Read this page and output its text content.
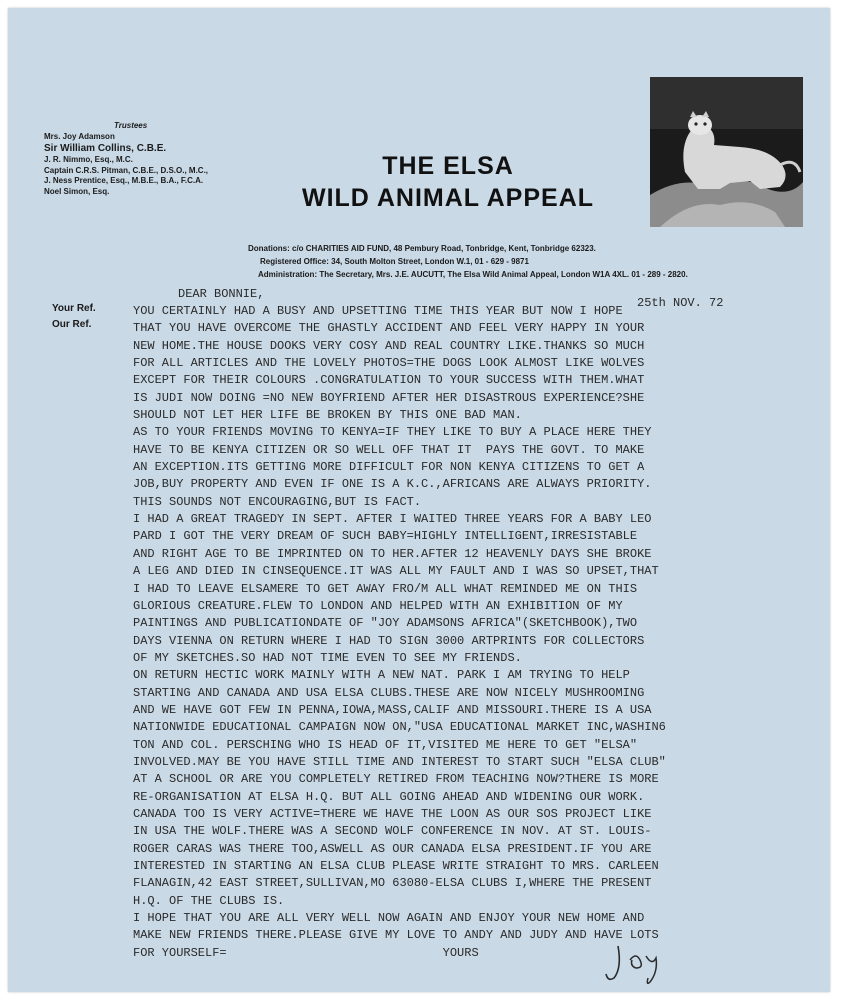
Trustees
Mrs. Joy Adamson
Sir William Collins, C.B.E.
J. R. Nimmo, Esq., M.C.
Captain C.R.S. Pitman, C.B.E., D.S.O., M.C.,
J. Ness Prentice, Esq., M.B.E., B.A., F.C.A.
Noel Simon, Esq.
THE ELSA
WILD ANIMAL APPEAL
Donations: c/o CHARITIES AID FUND, 48 Pembury Road, Tonbridge, Kent, Tonbridge 62323.
Registered Office: 34, South Molton Street, London W.1, 01 - 629 - 9871
Administration: The Secretary, Mrs. J.E. AUCUTT, The Elsa Wild Animal Appeal, London W1A 4XL. 01 - 289 - 2820.
Your Ref.
Our Ref.
DEAR BONNIE,
25th NOV. 72
YOU CERTAINLY HAD A BUSY AND UPSETTING TIME THIS YEAR BUT NOW I HOPE
THAT YOU HAVE OVERCOME THE GHASTLY ACCIDENT AND FEEL VERY HAPPY IN YOUR
NEW HOME.THE HOUSE DOOKS VERY COSY AND REAL COUNTRY LIKE.THANKS SO MUCH
FOR ALL ARTICLES AND THE LOVELY PHOTOS=THE DOGS LOOK ALMOST LIKE WOLVES
EXCEPT FOR THEIR COLOURS .CONGRATULATION TO YOUR SUCCESS WITH THEM.WHAT
IS JUDI NOW DOING =NO NEW BOYFRIEND AFTER HER DISASTROUS EXPERIENCE?SHE
SHOULD NOT LET HER LIFE BE BROKEN BY THIS ONE BAD MAN.
AS TO YOUR FRIENDS MOVING TO KENYA=IF THEY LIKE TO BUY A PLACE HERE THEY
HAVE TO BE KENYA CITIZEN OR SO WELL OFF THAT IT  PAYS THE GOVT. TO MAKE
AN EXCEPTION.ITS GETTING MORE DIFFICULT FOR NON KENYA CITIZENS TO GET A
JOB,BUY PROPERTY AND EVEN IF ONE IS A K.C.,AFRICANS ARE ALWAYS PRIORITY.
THIS SOUNDS NOT ENCOURAGING,BUT IS FACT.
I HAD A GREAT TRAGEDY IN SEPT. AFTER I WAITED THREE YEARS FOR A BABY LEO
PARD I GOT THE VERY DREAM OF SUCH BABY=HIGHLY INTELLIGENT,IRRESISTABLE
AND RIGHT AGE TO BE IMPRINTED ON TO HER.AFTER 12 HEAVENLY DAYS SHE BROKE
A LEG AND DIED IN CINSEQUENCE.IT WAS ALL MY FAULT AND I WAS SO UPSET,THAT
I HAD TO LEAVE ELSAMERE TO GET AWAY FRO/M ALL WHAT REMINDED ME ON THIS
GLORIOUS CREATURE.FLEW TO LONDON AND HELPED WITH AN EXHIBITION OF MY
PAINTINGS AND PUBLICATIONDATE OF "JOY ADAMSONS AFRICA"(SKETCHBOOK),TWO
DAYS VIENNA ON RETURN WHERE I HAD TO SIGN 3000 ARTPRINTS FOR COLLECTORS
OF MY SKETCHES.SO HAD NOT TIME EVEN TO SEE MY FRIENDS.
ON RETURN HECTIC WORK MAINLY WITH A NEW NAT. PARK I AM TRYING TO HELP
STARTING AND CANADA AND USA ELSA CLUBS.THESE ARE NOW NICELY MUSHROOMING
AND WE HAVE GOT FEW IN PENNA,IOWA,MASS,CALIF AND MISSOURI.THERE IS A USA
NATIONWIDE EDUCATIONAL CAMPAIGN NOW ON,"USA EDUCATIONAL MARKET INC,WASHIN6
TON AND COL. PERSCHING WHO IS HEAD OF IT,VISITED ME HERE TO GET "ELSA"
INVOLVED.MAY BE YOU HAVE STILL TIME AND INTEREST TO START SUCH "ELSA CLUB"
AT A SCHOOL OR ARE YOU COMPLETELY RETIRED FROM TEACHING NOW?THERE IS MORE
RE-ORGANISATION AT ELSA H.Q. BUT ALL GOING AHEAD AND WIDENING OUR WORK.
CANADA TOO IS VERY ACTIVE=THERE WE HAVE THE LOON AS OUR SOS PROJECT LIKE
IN USA THE WOLF.THERE WAS A SECOND WOLF CONFERENCE IN NOV. AT ST. LOUIS-
ROGER CARAS WAS THERE TOO,ASWELL AS OUR CANADA ELSA PRESIDENT.IF YOU ARE
INTERESTED IN STARTING AN ELSA CLUB PLEASE WRITE STRAIGHT TO MRS. CARLEEN
FLANAGIN,42 EAST STREET,SULLIVAN,MO 63080-ELSA CLUBS I,WHERE THE PRESENT
H.Q. OF THE CLUBS IS.
I HOPE THAT YOU ARE ALL VERY WELL NOW AGAIN AND ENJOY YOUR NEW HOME AND
MAKE NEW FRIENDS THERE.PLEASE GIVE MY LOVE TO ANDY AND JUDY AND HAVE LOTS
FOR YOURSELF=                              YOURS
